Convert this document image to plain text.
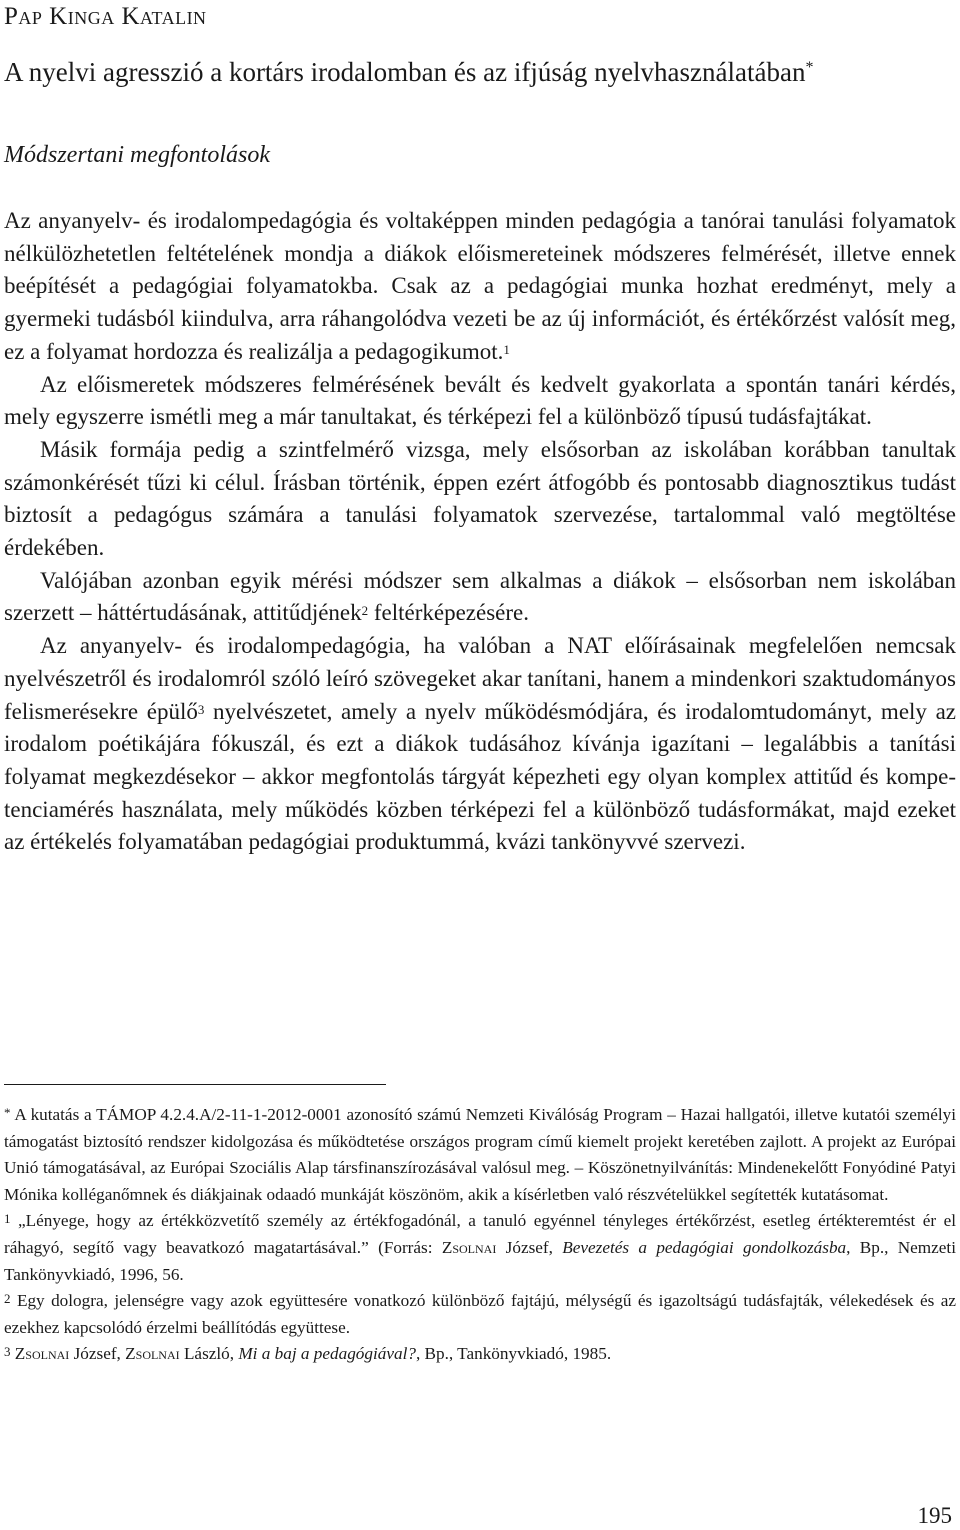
Pap Kinga Katalin
A nyelvi agresszió a kortárs irodalomban és az ifjúság nyelvhasználatában*
Módszertani megfontolások

Az anyanyelv- és irodalompedagógia és voltaképpen minden pedagógia a tanórai tanulási folyamatok nélkülözhetetlen feltételének mondja a diákok előismereteinek módszeres felmérését, illetve ennek beépítését a pedagógiai folyamatokba. Csak az a pedagógiai munka hozhat eredményt, mely a gyermeki tudásból kiindulva, arra ráhangolódva vezeti be az új információt, és értékőrzést valósít meg, ez a folyamat hordozza és realizálja a pedagogikumot.$^1$

Az előismeretek módszeres felmérésének bevált és kedvelt gyakorlata a spontán tanári kérdés, mely egyszerre ismétli meg a már tanultakat, és térképezi fel a különböző típusú tudásfajtákat.

Másik formája pedig a szintfelmérő vizsga, mely elsősorban az iskolában korábban tanultak számonkérését tűzi ki célul. Írásban történik, éppen ezért átfogóbb és pontosabb diagnosztikus tudást biztosít a pedagógus számára a tanulási folyamatok szervezése, tartalommal való megtöltése érdekében.

Valójában azonban egyik mérési módszer sem alkalmas a diákok – elsősorban nem iskolában szerzett – háttértudásának, attitűdjének$^2$ feltérképezésére.

Az anyanyelv- és irodalompedagógia, ha valóban a NAT előírásainak megfelelően nemcsak nyelvészetről és irodalomról szóló leíró szövegeket akar tanítani, hanem a mindenkori szaktudományos felismerésekre épülő$^3$ nyelvészetet, amely a nyelv működésmódjára, és irodalomtudományt, mely az irodalom poétikájára fókuszál, és ezt a diákok tudásához kívánja igazítani – legalábbis a tanítási folyamat megkezdésekor – akkor megfontolás tárgyát képezheti egy olyan komplex attitűd és kompetenciamérés használata, mely működés közben térképezi fel a különböző tudásformákat, majd ezeket az értékelés folyamatában pedagógiai produktummá, kvázi tankönyvvé szervezi.

* A kutatás a TÁMOP 4.2.4.A/2-11-1-2012-0001 azonosító számú Nemzeti Kiválóság Program – Hazai hallgatói, illetve kutatói személyi támogatást biztosító rendszer kidolgozása és működtetése országos program című kiemelt projekt keretében zajlott. A projekt az Európai Unió támogatásával, az Európai Szociális Alap társfinanszírozásával valósul meg. – Köszönetnyilvánítás: Mindenekelőtt Fonyódiné Patyi Mónika kolléganőmnek és diákjainak odaadó munkáját köszönöm, akik a kísérletben való részvételükkel segítették kutatásomat.

$^1$ „Lényege, hogy az értékközvetítő személy az értékfogadónál, a tanuló egyénnel tényleges értékőrzést, esetleg értékteremtést ér el ráhagyó, segítő vagy beavatkozó magatartásával.” (Forrás: Zsolnai József, Bevezetés a pedagógiai gondolkozásba, Bp., Nemzeti Tankönyvkiadó, 1996, 56.

$^2$ Egy dologra, jelenségre vagy azok együttesére vonatkozó különböző fajtájú, mélységű és igazoltságú tudásfajták, vélekedések és az ezekhez kapcsolódó érzelmi beállítódás együttese.

$^3$ Zsolnai József, Zsolnai László, Mi a baj a pedagógiával?, Bp., Tankönyvkiadó, 1985.

195
